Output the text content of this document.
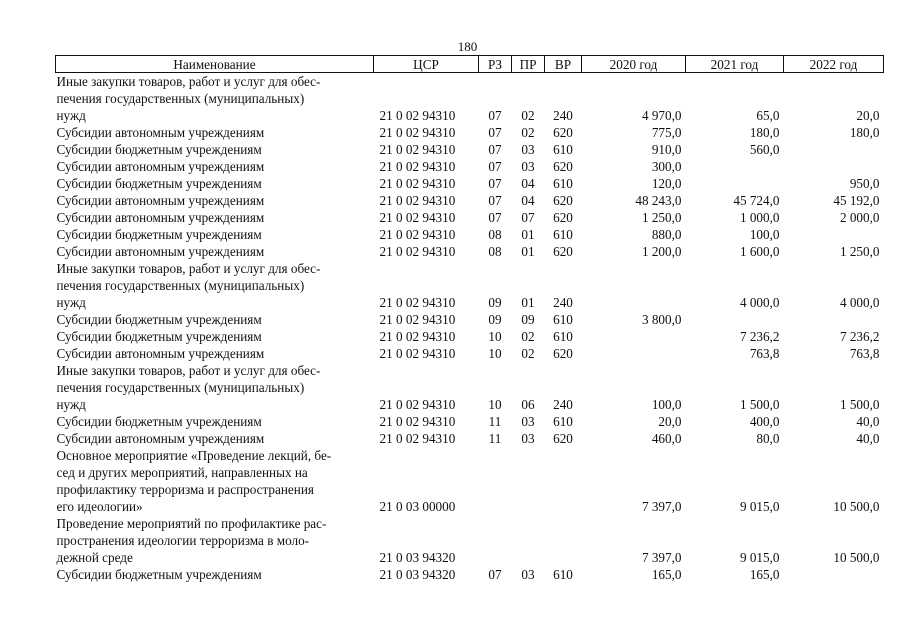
180
Наименование	ЦСР	РЗ	ПР	ВР	2020 год	2021 год	2022 год
Иные закупки товаров, работ и услуг для обес-
печения государственных (муниципальных)
нужд	21 0 02 94310	07	02	240	4 970,0	65,0	20,0
Субсидии автономным учреждениям	21 0 02 94310	07	02	620	775,0	180,0	180,0
Субсидии бюджетным учреждениям	21 0 02 94310	07	03	610	910,0	560,0	
Субсидии автономным учреждениям	21 0 02 94310	07	03	620	300,0		
Субсидии бюджетным учреждениям	21 0 02 94310	07	04	610	120,0		950,0
Субсидии автономным учреждениям	21 0 02 94310	07	04	620	48 243,0	45 724,0	45 192,0
Субсидии автономным учреждениям	21 0 02 94310	07	07	620	1 250,0	1 000,0	2 000,0
Субсидии бюджетным учреждениям	21 0 02 94310	08	01	610	880,0	100,0	
Субсидии автономным учреждениям	21 0 02 94310	08	01	620	1 200,0	1 600,0	1 250,0
Иные закупки товаров, работ и услуг для обес-
печения государственных (муниципальных)
нужд	21 0 02 94310	09	01	240		4 000,0	4 000,0
Субсидии бюджетным учреждениям	21 0 02 94310	09	09	610	3 800,0		
Субсидии бюджетным учреждениям	21 0 02 94310	10	02	610		7 236,2	7 236,2
Субсидии автономным учреждениям	21 0 02 94310	10	02	620		763,8	763,8
Иные закупки товаров, работ и услуг для обес-
печения государственных (муниципальных)
нужд	21 0 02 94310	10	06	240	100,0	1 500,0	1 500,0
Субсидии бюджетным учреждениям	21 0 02 94310	11	03	610	20,0	400,0	40,0
Субсидии автономным учреждениям	21 0 02 94310	11	03	620	460,0	80,0	40,0
Основное мероприятие «Проведение лекций, бе-
сед и других мероприятий, направленных на
профилактику терроризма и распространения
его идеологии»	21 0 03 00000				7 397,0	9 015,0	10 500,0
Проведение мероприятий по профилактике рас-
пространения идеологии терроризма в моло-
дежной среде	21 0 03 94320				7 397,0	9 015,0	10 500,0
Субсидии бюджетным учреждениям	21 0 03 94320	07	03	610	165,0	165,0	
